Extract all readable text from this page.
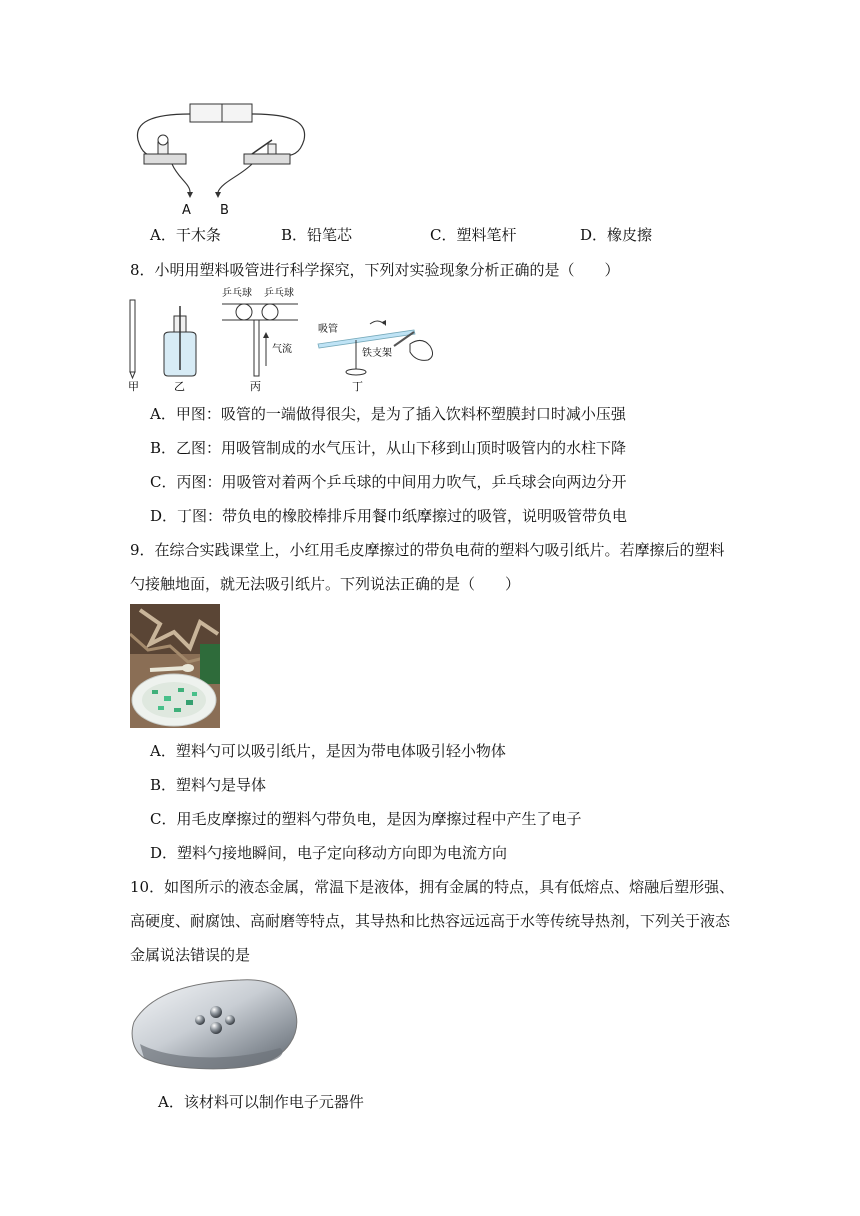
A B
A．干木条	B．铅笔芯	C．塑料笔杆	D．橡皮擦
8．小明用塑料吸管进行科学探究，下列对实验现象分析正确的是（　　）
甲	乙
乒乓球 乒乓球
气流
丙
吸管
铁支架
丁
A．甲图：吸管的一端做得很尖，是为了插入饮料杯塑膜封口时减小压强
B．乙图：用吸管制成的水气压计，从山下移到山顶时吸管内的水柱下降
C．丙图：用吸管对着两个乒乓球的中间用力吹气，乒乓球会向两边分开
D．丁图：带负电的橡胶棒排斥用餐巾纸摩擦过的吸管，说明吸管带负电
9．在综合实践课堂上，小红用毛皮摩擦过的带负电荷的塑料勺吸引纸片。若摩擦后的塑料
勺接触地面，就无法吸引纸片。下列说法正确的是（　　）
A．塑料勺可以吸引纸片，是因为带电体吸引轻小物体
B．塑料勺是导体
C．用毛皮摩擦过的塑料勺带负电，是因为摩擦过程中产生了电子
D．塑料勺接地瞬间，电子定向移动方向即为电流方向
10．如图所示的液态金属，常温下是液体，拥有金属的特点，具有低熔点、熔融后塑形强、
高硬度、耐腐蚀、高耐磨等特点，其导热和比热容远远高于水等传统导热剂，下列关于液态
金属说法错误的是
A．该材料可以制作电子元器件
